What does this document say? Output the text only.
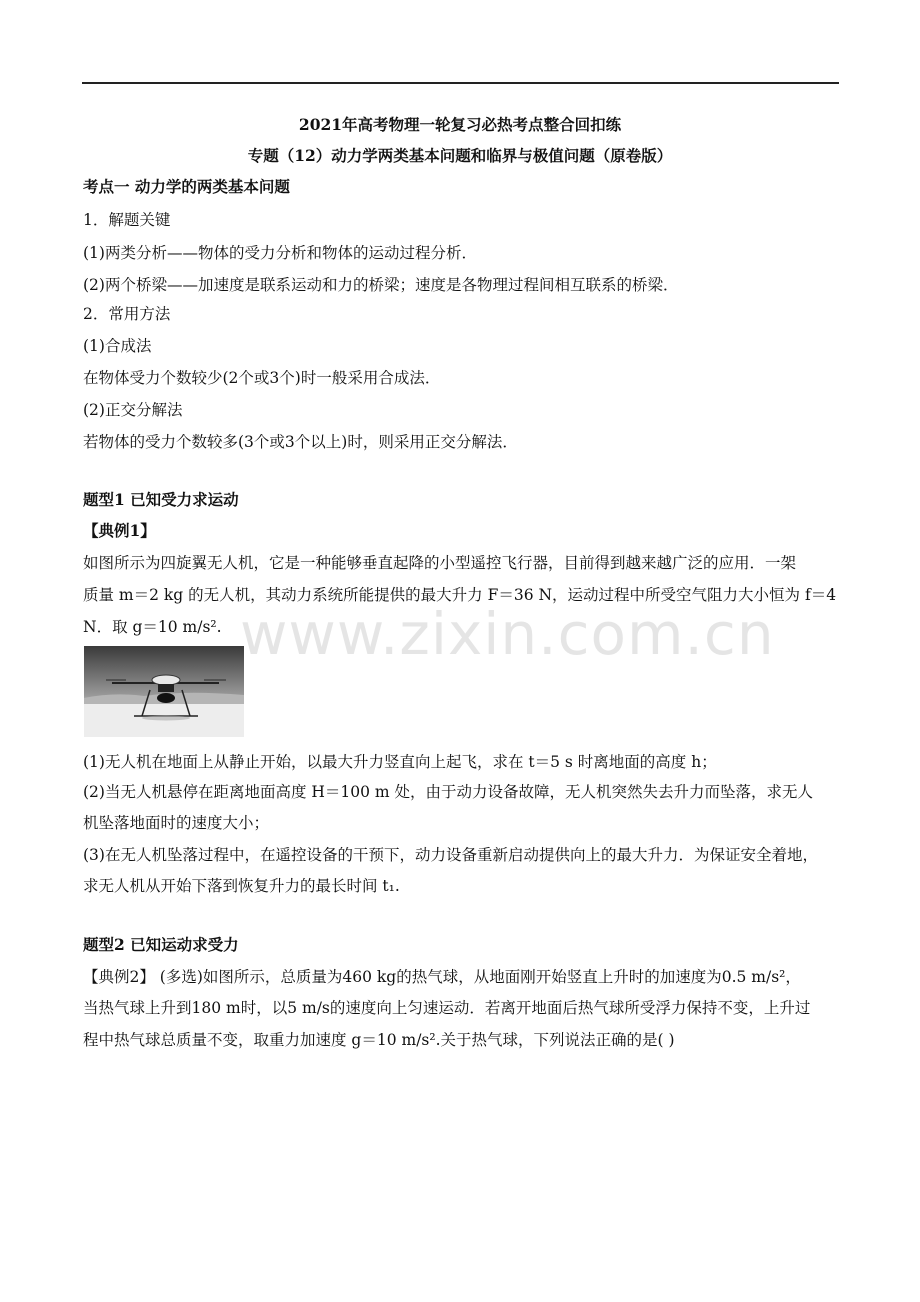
2021年高考物理一轮复习必热考点整合回扣练
专题（12）动力学两类基本问题和临界与极值问题（原卷版）
考点一 动力学的两类基本问题
1．解题关键
(1)两类分析——物体的受力分析和物体的运动过程分析．
(2)两个桥梁——加速度是联系运动和力的桥梁；速度是各物理过程间相互联系的桥梁．
2．常用方法
(1)合成法
在物体受力个数较少(2个或3个)时一般采用合成法．
(2)正交分解法
若物体的受力个数较多(3个或3个以上)时，则采用正交分解法．
题型1 已知受力求运动
【典例1】
如图所示为四旋翼无人机，它是一种能够垂直起降的小型遥控飞行器，目前得到越来越广泛的应用．一架
质量 m＝2 kg 的无人机，其动力系统所能提供的最大升力 F＝36 N，运动过程中所受空气阻力大小恒为 f＝4
N．取 g＝10 m/s².
(1)无人机在地面上从静止开始，以最大升力竖直向上起飞，求在 t＝5 s 时离地面的高度 h；
(2)当无人机悬停在距离地面高度 H＝100 m 处，由于动力设备故障，无人机突然失去升力而坠落，求无人
机坠落地面时的速度大小；
(3)在无人机坠落过程中，在遥控设备的干预下，动力设备重新启动提供向上的最大升力．为保证安全着地，
求无人机从开始下落到恢复升力的最长时间 t₁.
题型2 已知运动求受力
【典例2】 (多选)如图所示，总质量为460 kg的热气球，从地面刚开始竖直上升时的加速度为0.5 m/s²，
当热气球上升到180 m时，以5 m/s的速度向上匀速运动．若离开地面后热气球所受浮力保持不变，上升过
程中热气球总质量不变，取重力加速度 g＝10 m/s².关于热气球，下列说法正确的是( )
www.zixin.com.cn
